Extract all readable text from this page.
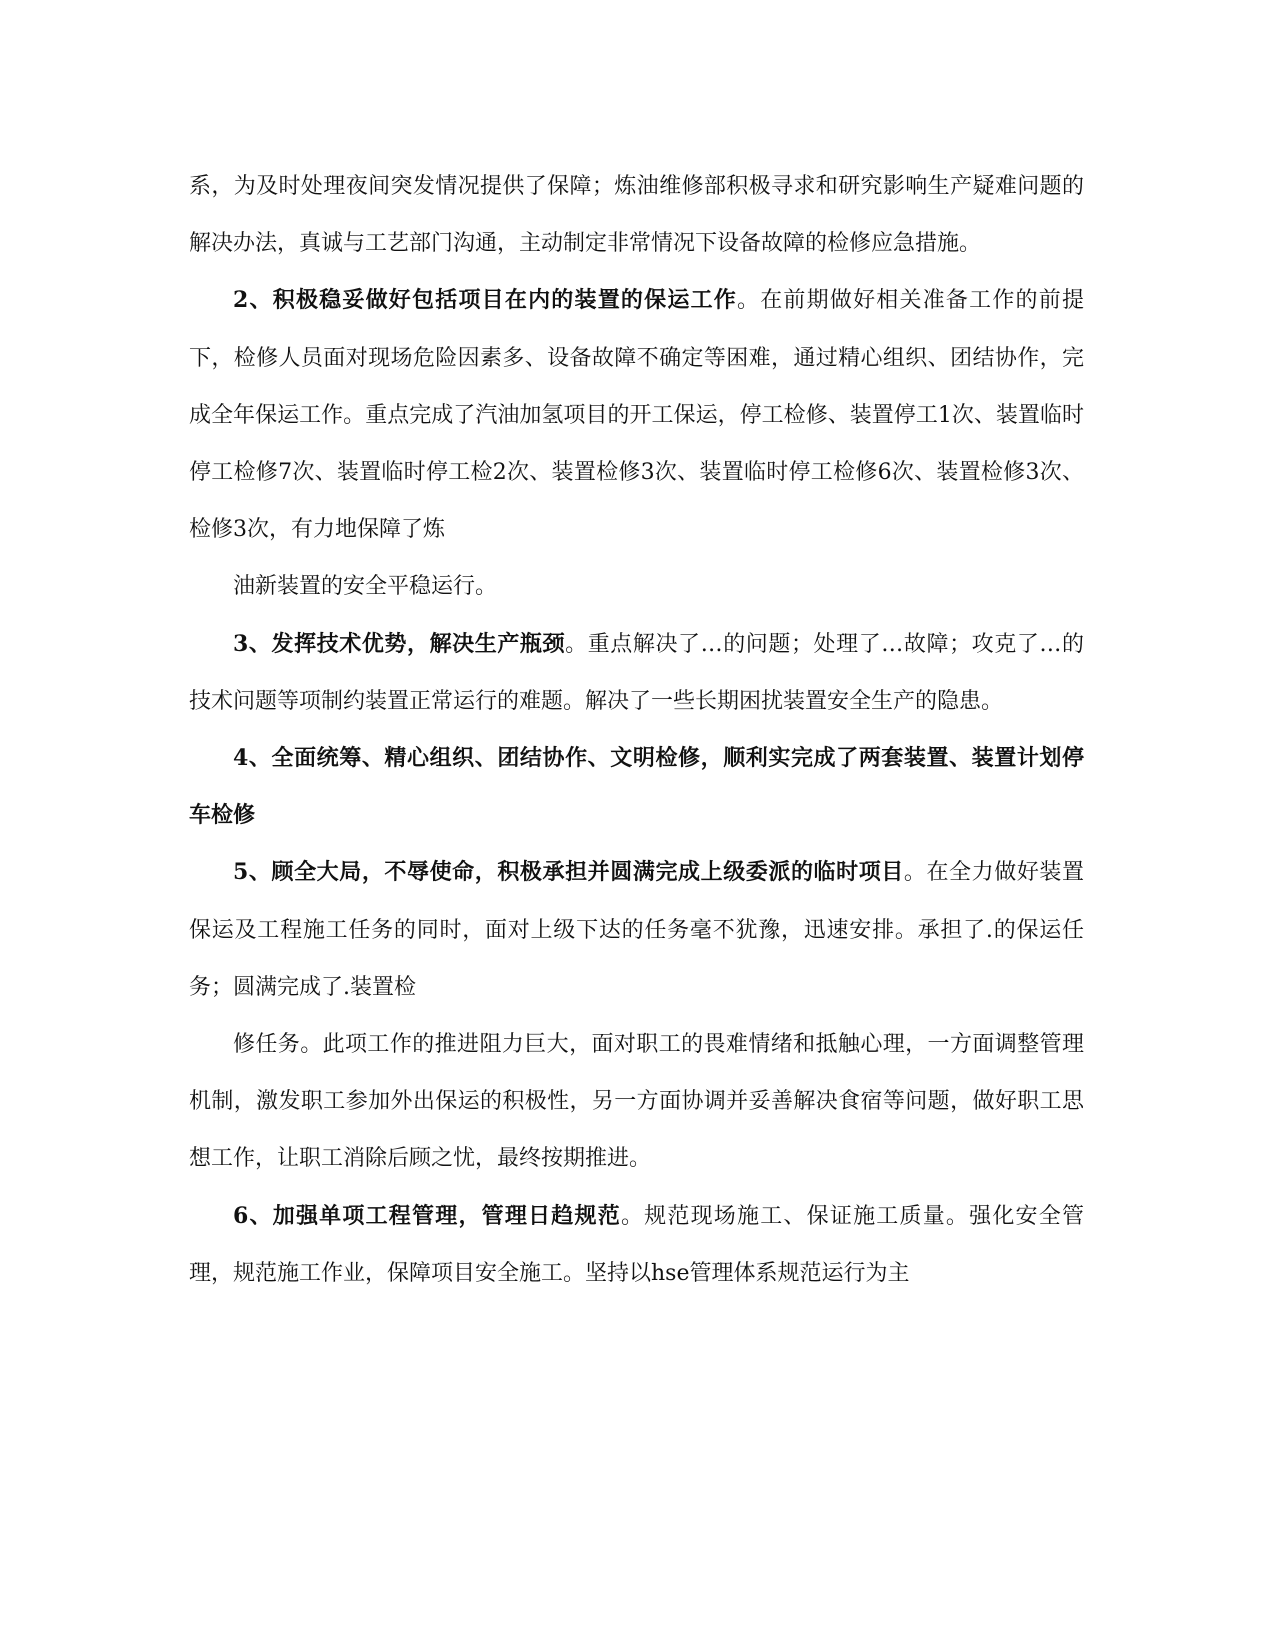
系，为及时处理夜间突发情况提供了保障；炼油维修部积极寻求和研究影响生产疑难问题的解决办法，真诚与工艺部门沟通，主动制定非常情况下设备故障的检修应急措施。

2、积极稳妥做好包括项目在内的装置的保运工作。在前期做好相关准备工作的前提下，检修人员面对现场危险因素多、设备故障不确定等困难，通过精心组织、团结协作，完成全年保运工作。重点完成了汽油加氢项目的开工保运，停工检修、装置停工1次、装置临时停工检修7次、装置临时停工检2次、装置检修3次、装置临时停工检修6次、装置检修3次、检修3次，有力地保障了炼

油新装置的安全平稳运行。

3、发挥技术优势，解决生产瓶颈。重点解决了…的问题；处理了…故障；攻克了…的技术问题等项制约装置正常运行的难题。解决了一些长期困扰装置安全生产的隐患。

4、全面统筹、精心组织、团结协作、文明检修，顺利实完成了两套装置、装置计划停车检修

5、顾全大局，不辱使命，积极承担并圆满完成上级委派的临时项目。在全力做好装置保运及工程施工任务的同时，面对上级下达的任务毫不犹豫，迅速安排。承担了.的保运任务；圆满完成了.装置检

修任务。此项工作的推进阻力巨大，面对职工的畏难情绪和抵触心理，一方面调整管理机制，激发职工参加外出保运的积极性，另一方面协调并妥善解决食宿等问题，做好职工思想工作，让职工消除后顾之忧，最终按期推进。

6、加强单项工程管理，管理日趋规范。规范现场施工、保证施工质量。强化安全管理，规范施工作业，保障项目安全施工。坚持以hse管理体系规范运行为主
